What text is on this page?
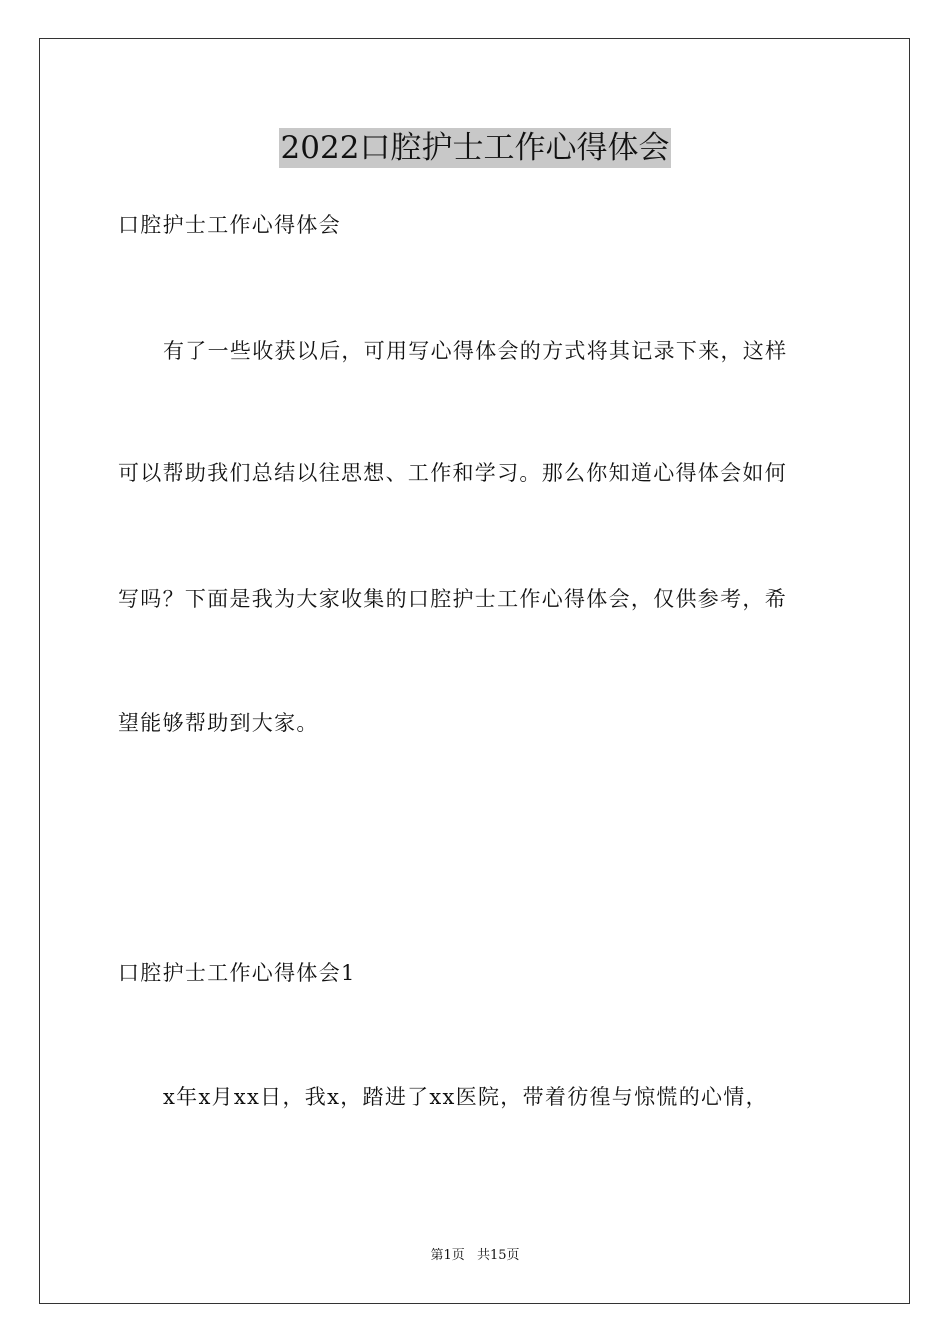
2022口腔护士工作心得体会
口腔护士工作心得体会
有了一些收获以后，可用写心得体会的方式将其记录下来，这样
可以帮助我们总结以往思想、工作和学习。那么你知道心得体会如何
写吗？下面是我为大家收集的口腔护士工作心得体会，仅供参考，希
望能够帮助到大家。
口腔护士工作心得体会1
x年x月xx日，我x，踏进了xx医院，带着彷徨与惊慌的心情，
第1页 共15页
